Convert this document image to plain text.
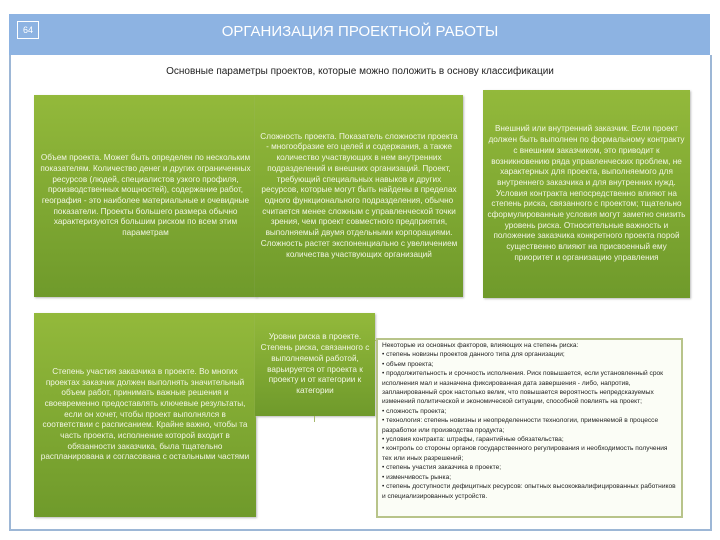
64	ОРГАНИЗАЦИЯ ПРОЕКТНОЙ РАБОТЫ
Основные параметры проектов, которые можно положить в основу классификации
Объем проекта. Может быть определен по нескольким показателям. Количество денег и других ограниченных ресурсов (людей, специалистов узкого профиля, производственных мощностей), содержание работ, география - это наиболее материальные и очевидные показатели. Проекты большего размера обычно характеризуются большим риском по всем этим параметрам
Сложность проекта. Показатель сложности проекта - многообразие его целей и содержания, а также количество участвующих в нем внутренних подразделений и внешних организаций. Проект, требующий специальных навыков и других ресурсов, которые могут быть найдены в пределах одного функционального подразделения, обычно считается менее сложным с управленческой точки зрения, чем проект совместного предприятия, выполняемый двумя отдельными корпорациями. Сложность растет экспоненциально с увеличением количества участвующих организаций
Внешний или внутренний заказчик. Если проект должен быть выполнен по формальному контракту с внешним заказчиком, это приводит к возникновению ряда управленческих проблем, не характерных для проекта, выполняемого для внутреннего заказчика и для внутренних нужд. Условия контракта непосредственно влияют на степень риска, связанного с проектом; тщательно сформулированные условия могут заметно снизить уровень риска. Относительные важность и положение заказчика конкретного проекта порой существенно влияют на присвоенный ему приоритет и организацию управления
Степень участия заказчика в проекте. Во многих проектах заказчик должен выполнять значительный объем работ, принимать важные решения и своевременно предоставлять ключевые результаты, если он хочет, чтобы проект выполнялся в соответствии с расписанием. Крайне важно, чтобы та часть проекта, исполнение которой входит в обязанности заказчика, была тщательно распланирована и согласована с остальными частями
Уровни риска в проекте. Степень риска, связанного с выполняемой работой, варьируется от проекта к проекту и от категории к категории
Некоторые из основных факторов, влияющих на степень риска:
• степень новизны проектов данного типа для организации;
• объем проекта;
• продолжительность и срочность исполнения. Риск повышается, если установленный срок исполнения мал и назначена фиксированная дата завершения - либо, напротив, запланированный срок настолько велик, что повышается вероятность непредсказуемых изменений политической и экономической ситуации, способной повлиять на проект;
• сложность проекта;
• технология: степень новизны и неопределенности технологии, применяемой в процессе разработки или производства продукта;
• условия контракта: штрафы, гарантийные обязательства;
• контроль со стороны органов государственного регулирования и необходимость получения тех или иных разрешений;
• степень участия заказчика в проекте;
• изменчивость рынка;
• степень доступности дефицитных ресурсов: опытных высококвалифицированных работников и специализированных устройств.
